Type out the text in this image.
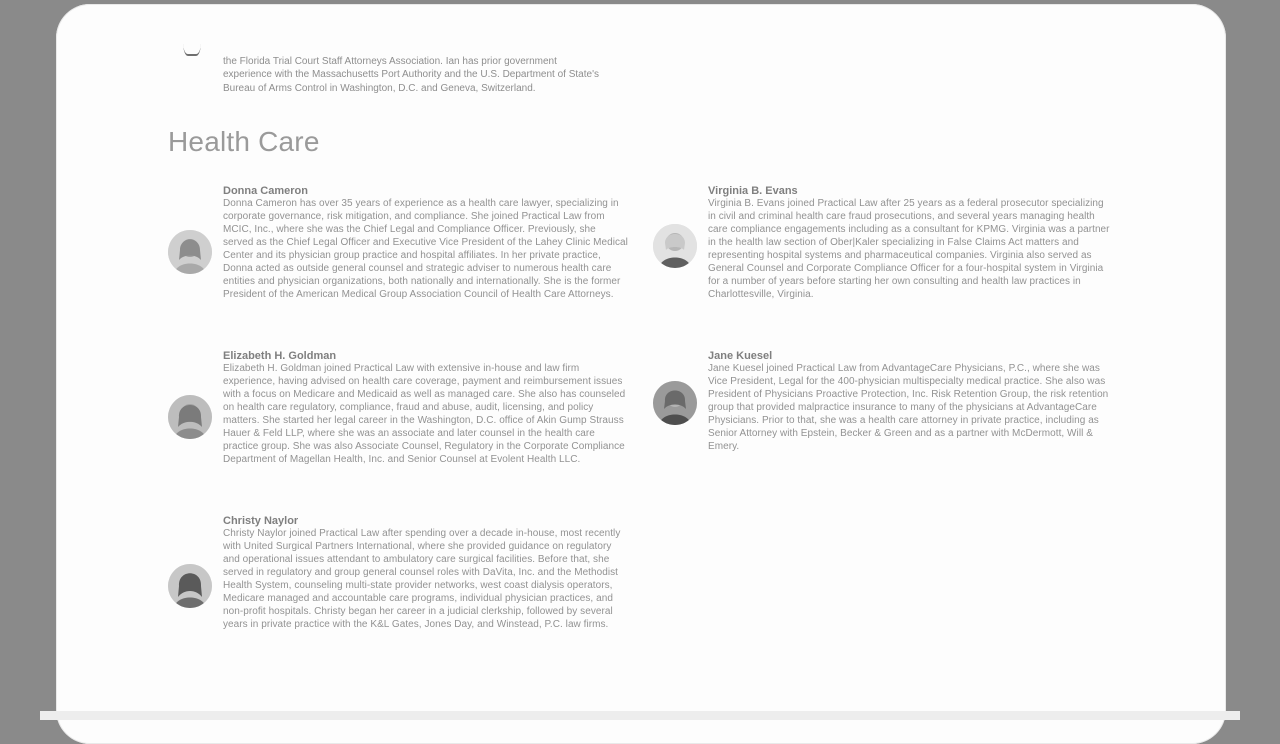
the Florida Trial Court Staff Attorneys Association. Ian has prior government

experience with the Massachusetts Port Authority and the U.S. Department of State's

Bureau of Arms Control in Washington, D.C. and Geneva, Switzerland.

Health Care

Donna Cameron

Donna Cameron has over 35 years of experience as a health care lawyer, specializing in corporate governance, risk mitigation, and compliance. She joined Practical Law from MCIC, Inc., where she was the Chief Legal and Compliance Officer. Previously, she served as the Chief Legal Officer and Executive Vice President of the Lahey Clinic Medical Center and its physician group practice and hospital affiliates. In her private practice, Donna acted as outside general counsel and strategic adviser to numerous health care entities and physician organizations, both nationally and internationally. She is the former President of the American Medical Group Association Council of Health Care Attorneys.

Virginia B. Evans

Virginia B. Evans joined Practical Law after 25 years as a federal prosecutor specializing in civil and criminal health care fraud prosecutions, and several years managing health care compliance engagements including as a consultant for KPMG. Virginia was a partner in the health law section of Ober|Kaler specializing in False Claims Act matters and representing hospital systems and pharmaceutical companies. Virginia also served as General Counsel and Corporate Compliance Officer for a four-hospital system in Virginia for a number of years before starting her own consulting and health law practices in Charlottesville, Virginia.

Elizabeth H. Goldman

Elizabeth H. Goldman joined Practical Law with extensive in-house and law firm experience, having advised on health care coverage, payment and reimbursement issues with a focus on Medicare and Medicaid as well as managed care. She also has counseled on health care regulatory, compliance, fraud and abuse, audit, licensing, and policy matters. She started her legal career in the Washington, D.C. office of Akin Gump Strauss Hauer & Feld LLP, where she was an associate and later counsel in the health care practice group. She was also Associate Counsel, Regulatory in the Corporate Compliance Department of Magellan Health, Inc. and Senior Counsel at Evolent Health LLC.

Jane Kuesel

Jane Kuesel joined Practical Law from AdvantageCare Physicians, P.C., where she was Vice President, Legal for the 400-physician multispecialty medical practice. She also was President of Physicians Proactive Protection, Inc. Risk Retention Group, the risk retention group that provided malpractice insurance to many of the physicians at AdvantageCare Physicians. Prior to that, she was a health care attorney in private practice, including as Senior Attorney with Epstein, Becker & Green and as a partner with McDermott, Will & Emery.

Christy Naylor

Christy Naylor joined Practical Law after spending over a decade in-house, most recently with United Surgical Partners International, where she provided guidance on regulatory and operational issues attendant to ambulatory care surgical facilities. Before that, she served in regulatory and group general counsel roles with DaVita, Inc. and the Methodist Health System, counseling multi-state provider networks, west coast dialysis operators, Medicare managed and accountable care programs, individual physician practices, and non-profit hospitals. Christy began her career in a judicial clerkship, followed by several years in private practice with the K&L Gates, Jones Day, and Winstead, P.C. law firms.
